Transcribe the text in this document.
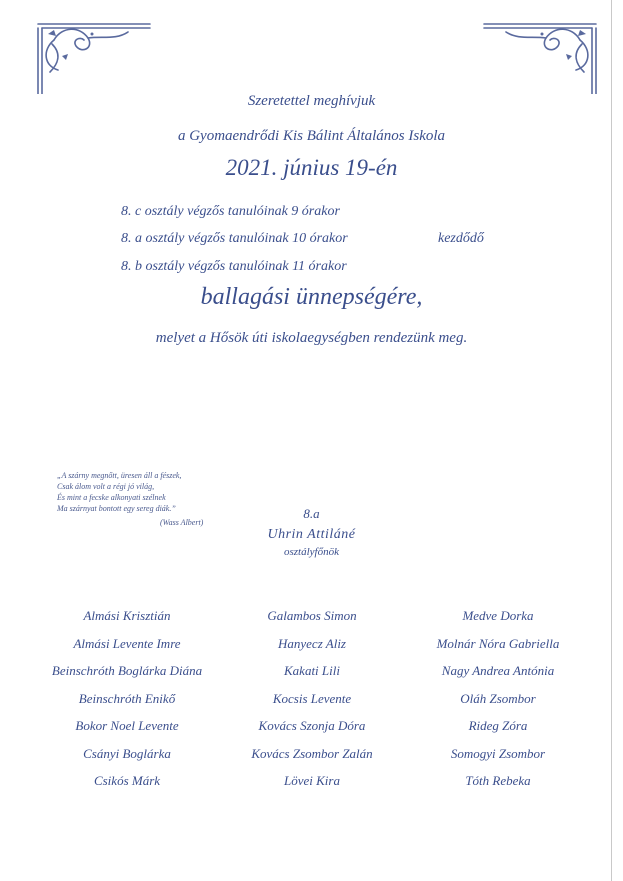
Szeretettel meghívjuk
a Gyomaendrődi Kis Bálint Általános Iskola
2021. június 19-én
8. c osztály végzős tanulóinak 9 órakor
8. a osztály végzős tanulóinak 10 órakor
8. b osztály végzős tanulóinak 11 órakor
kezdődő
ballagási ünnepségére,
melyet a Hősök úti iskolaegységben rendezünk meg.
„A szárny megnőtt, üresen áll a fészek,
Csak álom volt a régi jó világ,
És mint a fecske alkonyati szélnek
Ma szárnyat bontott egy sereg diák.”
(Wass Albert)
8.a
Uhrin Attiláné
osztályfőnök
Almási Krisztián
Almási Levente Imre
Beinschróth Boglárka Diána
Beinschróth Enikő
Bokor Noel Levente
Csányi Boglárka
Csikós Márk
Galambos Simon
Hanyecz Aliz
Kakati Lili
Kocsis Levente
Kovács Szonja Dóra
Kovács Zsombor Zalán
Lövei Kira
Medve Dorka
Molnár Nóra Gabriella
Nagy Andrea Antónia
Oláh Zsombor
Rideg Zóra
Somogyi Zsombor
Tóth Rebeka
